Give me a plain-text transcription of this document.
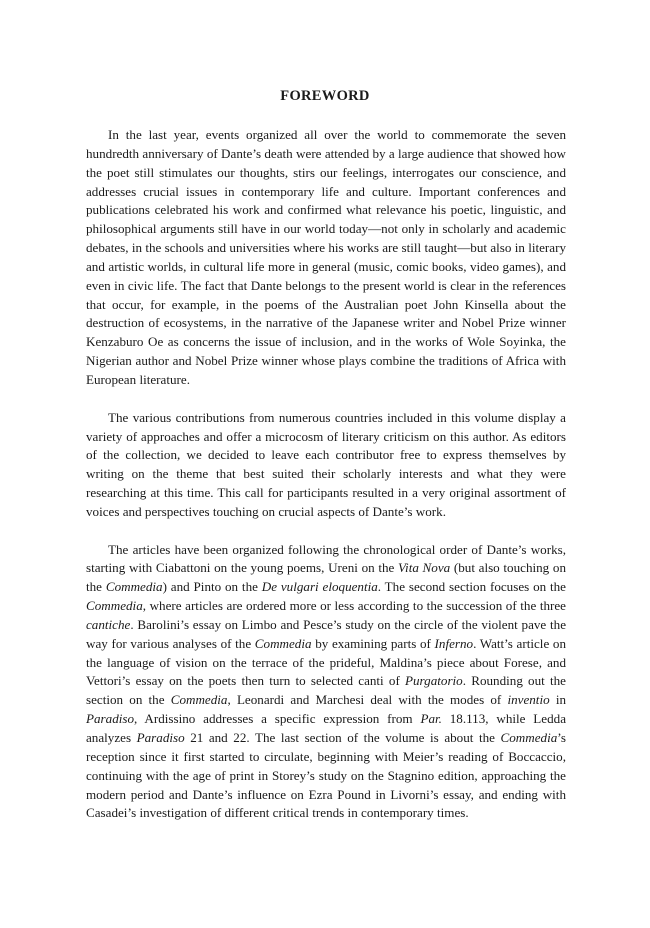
FOREWORD

In the last year, events organized all over the world to commemorate the seven hundredth anniversary of Dante’s death were attended by a large audience that showed how the poet still stimulates our thoughts, stirs our feelings, interrogates our conscience, and addresses crucial issues in contemporary life and culture. Important conferences and publications celebrated his work and confirmed what relevance his poetic, linguistic, and philosophical arguments still have in our world today—not only in scholarly and academic debates, in the schools and universities where his works are still taught—but also in literary and artistic worlds, in cultural life more in general (music, comic books, video games), and even in civic life. The fact that Dante belongs to the present world is clear in the references that occur, for example, in the poems of the Australian poet John Kinsella about the destruction of ecosystems, in the narrative of the Japanese writer and Nobel Prize winner Kenzaburo Oe as concerns the issue of inclusion, and in the works of Wole Soyinka, the Nigerian author and Nobel Prize winner whose plays combine the traditions of Africa with European literature.

The various contributions from numerous countries included in this volume display a variety of approaches and offer a microcosm of literary criticism on this author. As editors of the collection, we decided to leave each contributor free to express themselves by writing on the theme that best suited their scholarly interests and what they were researching at this time. This call for participants resulted in a very original assortment of voices and perspectives touching on crucial aspects of Dante’s work.

The articles have been organized following the chronological order of Dante’s works, starting with Ciabattoni on the young poems, Ureni on the Vita Nova (but also touching on the Commedia) and Pinto on the De vulgari eloquentia. The second section focuses on the Commedia, where articles are ordered more or less according to the succession of the three cantiche. Barolini’s essay on Limbo and Pesce’s study on the circle of the violent pave the way for various analyses of the Commedia by examining parts of Inferno. Watt’s article on the language of vision on the terrace of the prideful, Maldina’s piece about Forese, and Vettori’s essay on the poets then turn to selected canti of Purgatorio. Rounding out the section on the Commedia, Leonardi and Marchesi deal with the modes of inventio in Paradiso, Ardissino addresses a specific expression from Par. 18.113, while Ledda analyzes Paradiso 21 and 22. The last section of the volume is about the Commedia’s reception since it first started to circulate, beginning with Meier’s reading of Boccaccio, continuing with the age of print in Storey’s study on the Stagnino edition, approaching the modern period and Dante’s influence on Ezra Pound in Livorni’s essay, and ending with Casadei’s investigation of different critical trends in contemporary times.
